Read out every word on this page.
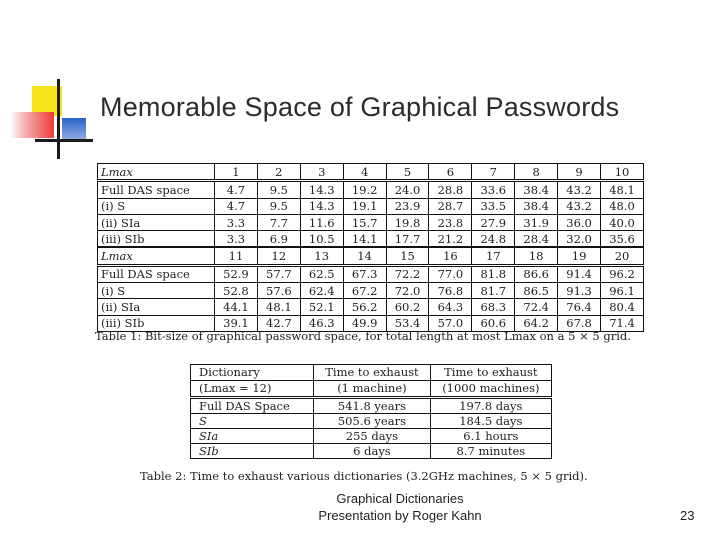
Memorable Space of Graphical Passwords
Lmax	1	2	3	4	5	6	7	8	9	10
Full DAS space	4.7	9.5	14.3	19.2	24.0	28.8	33.6	38.4	43.2	48.1
(i) S	4.7	9.5	14.3	19.1	23.9	28.7	33.5	38.4	43.2	48.0
(ii) SIa	3.3	7.7	11.6	15.7	19.8	23.8	27.9	31.9	36.0	40.0
(iii) SIb	3.3	6.9	10.5	14.1	17.7	21.2	24.8	28.4	32.0	35.6
Lmax	11	12	13	14	15	16	17	18	19	20
Full DAS space	52.9	57.7	62.5	67.3	72.2	77.0	81.8	86.6	91.4	96.2
(i) S	52.8	57.6	62.4	67.2	72.0	76.8	81.7	86.5	91.3	96.1
(ii) SIa	44.1	48.1	52.1	56.2	60.2	64.3	68.3	72.4	76.4	80.4
(iii) SIb	39.1	42.7	46.3	49.9	53.4	57.0	60.6	64.2	67.8	71.4
Table 1: Bit-size of graphical password space, for total length at most Lmax on a 5 × 5 grid.
Dictionary	Time to exhaust	Time to exhaust
(Lmax = 12)	(1 machine)	(1000 machines)
Full DAS Space	541.8 years	197.8 days
S	505.6 years	184.5 days
SIa	255 days	6.1 hours
SIb	6 days	8.7 minutes
Table 2: Time to exhaust various dictionaries (3.2GHz machines, 5 × 5 grid).
Graphical Dictionaries
Presentation by Roger Kahn	23
